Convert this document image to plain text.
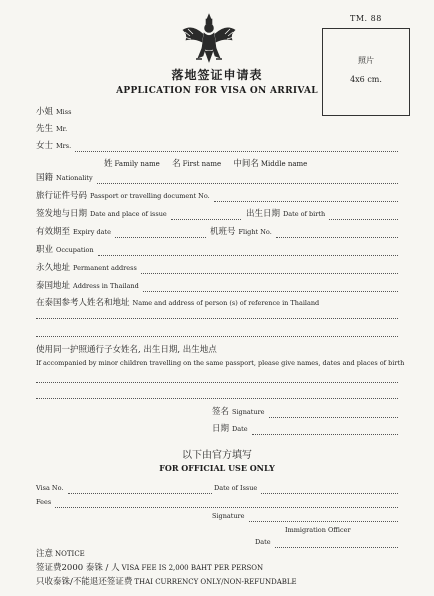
TM. 88
照片
4x6 cm.
落地签证申请表
APPLICATION FOR VISA ON ARRIVAL
小姐 Miss
先生 Mr.
女士 Mrs.
姓 Family name 名 First name 中间名 Middle name
国籍 Nationality
旅行证件号码 Passport or travelling document No.
签发地与日期 Date and place of issue	出生日期 Date of birth
有效期至 Expiry date	机班号 Flight No.
职业 Occupation
永久地址 Permanent address
泰国地址 Address in Thailand
在泰国参考人姓名和地址 Name and address of person (s) of reference in Thailand
使用同一护照通行子女姓名, 出生日期, 出生地点
If accompanied by minor children travelling on the same passport, please give names, dates and places of birth
签名 Signature
日期 Date
以下由官方填写
FOR OFFICIAL USE ONLY
Visa No.	Date of Issue
Fees
Signature
Immigration Officer
Date
注意 NOTICE
签证费2000 泰铢 / 人 VISA FEE IS 2,000 BAHT PER PERSON
只收泰铢/不能退还签证费 THAI CURRENCY ONLY/NON-REFUNDABLE
